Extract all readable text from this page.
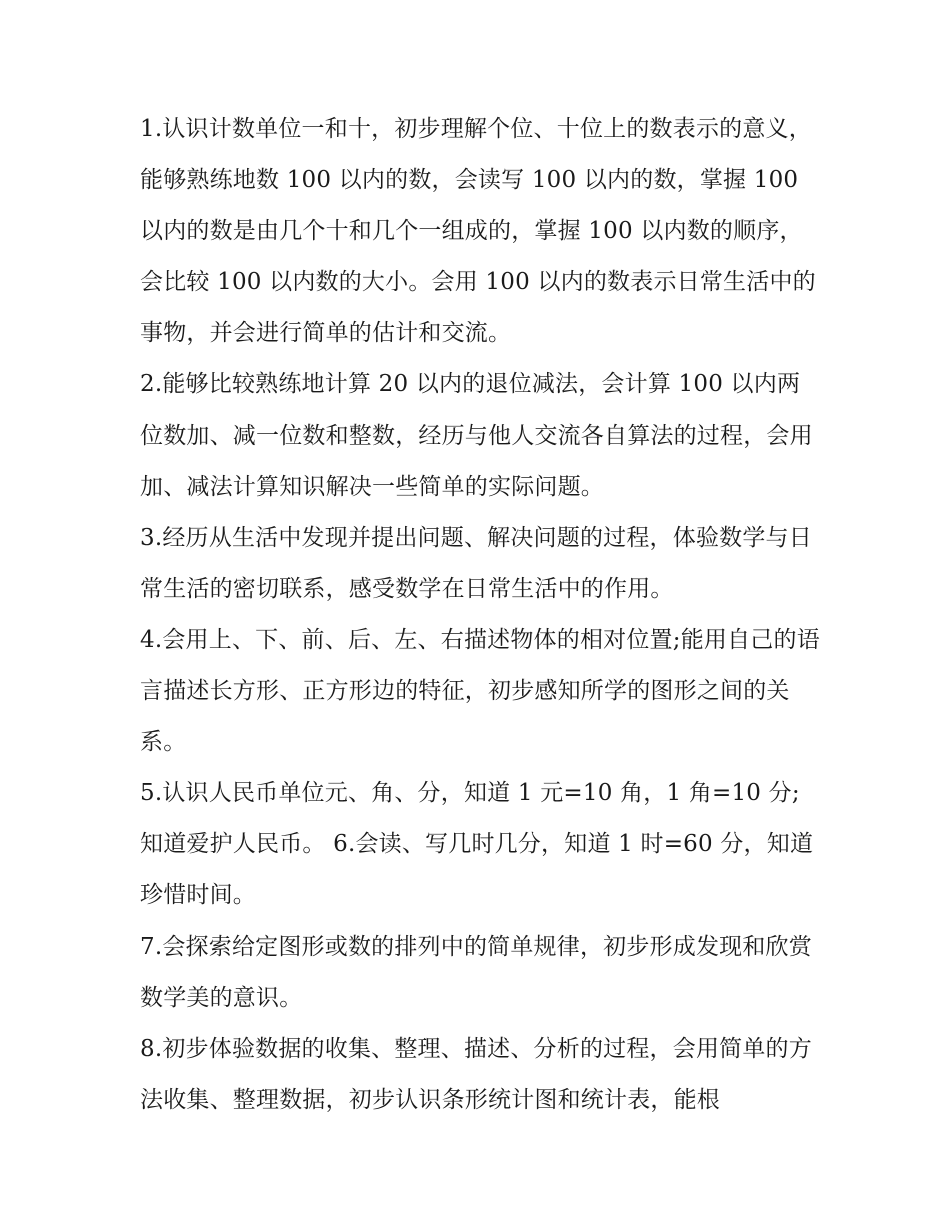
1.认识计数单位一和十，初步理解个位、十位上的数表示的意义，能够熟练地数 100 以内的数，会读写 100 以内的数，掌握 100 以内的数是由几个十和几个一组成的，掌握 100 以内数的顺序，会比较 100 以内数的大小。会用 100 以内的数表示日常生活中的事物，并会进行简单的估计和交流。

2.能够比较熟练地计算 20 以内的退位减法，会计算 100 以内两位数加、减一位数和整数，经历与他人交流各自算法的过程，会用加、减法计算知识解决一些简单的实际问题。

3.经历从生活中发现并提出问题、解决问题的过程，体验数学与日常生活的密切联系，感受数学在日常生活中的作用。

4.会用上、下、前、后、左、右描述物体的相对位置;能用自己的语言描述长方形、正方形边的特征，初步感知所学的图形之间的关系。

5.认识人民币单位元、角、分，知道 1 元=10 角，1 角=10 分;知道爱护人民币。 6.会读、写几时几分，知道 1 时=60 分，知道珍惜时间。

7.会探索给定图形或数的排列中的简单规律，初步形成发现和欣赏数学美的意识。

8.初步体验数据的收集、整理、描述、分析的过程，会用简单的方法收集、整理数据，初步认识条形统计图和统计表，能根
